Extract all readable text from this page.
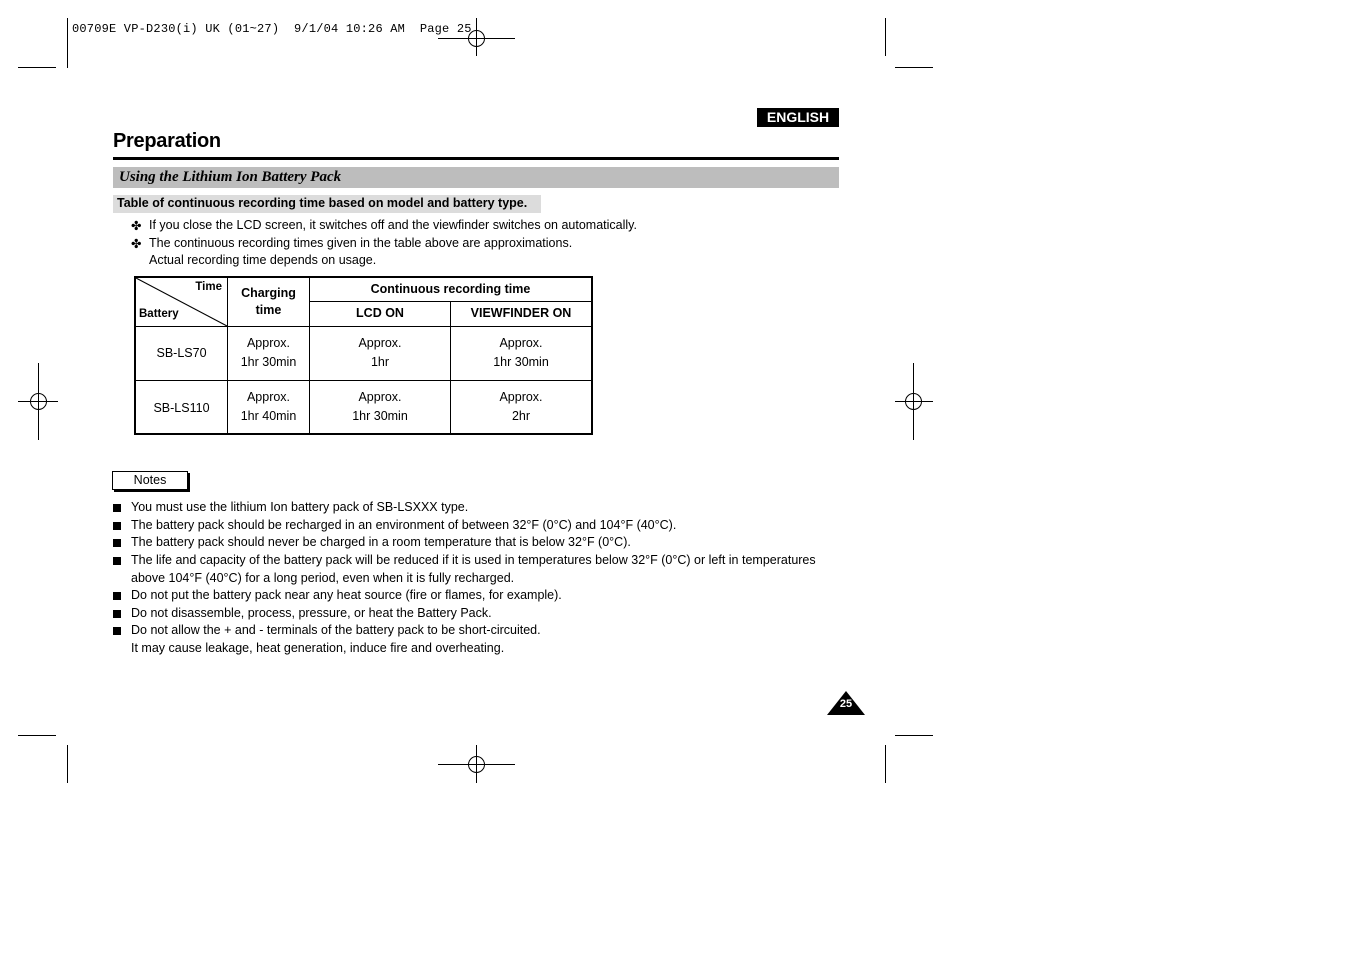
00709E VP-D230(i) UK (01~27)  9/1/04 10:26 AM  Page 25
ENGLISH
Preparation
Using the Lithium Ion Battery Pack
Table of continuous recording time based on model and battery type.
✤ If you close the LCD screen, it switches off and the viewfinder switches on automatically.
✤ The continuous recording times given in the table above are approximations.
Actual recording time depends on usage.
Time
Battery
Charging
time
Continuous recording time
LCD ON	VIEWFINDER ON
SB-LS70
Approx.
1hr 30min
Approx.
1hr
Approx.
1hr 30min
SB-LS110
Approx.
1hr 40min
Approx.
1hr 30min
Approx.
2hr
Notes
You must use the lithium Ion battery pack of SB-LSXXX type.
The battery pack should be recharged in an environment of between 32°F (0°C) and 104°F (40°C).
The battery pack should never be charged in a room temperature that is below 32°F (0°C).
The life and capacity of the battery pack will be reduced if it is used in temperatures below 32°F (0°C) or left in temperatures
above 104°F (40°C) for a long period, even when it is fully recharged.
Do not put the battery pack near any heat source (fire or flames, for example).
Do not disassemble, process, pressure, or heat the Battery Pack.
Do not allow the + and - terminals of the battery pack to be short-circuited.
It may cause leakage, heat generation, induce fire and overheating.
25
